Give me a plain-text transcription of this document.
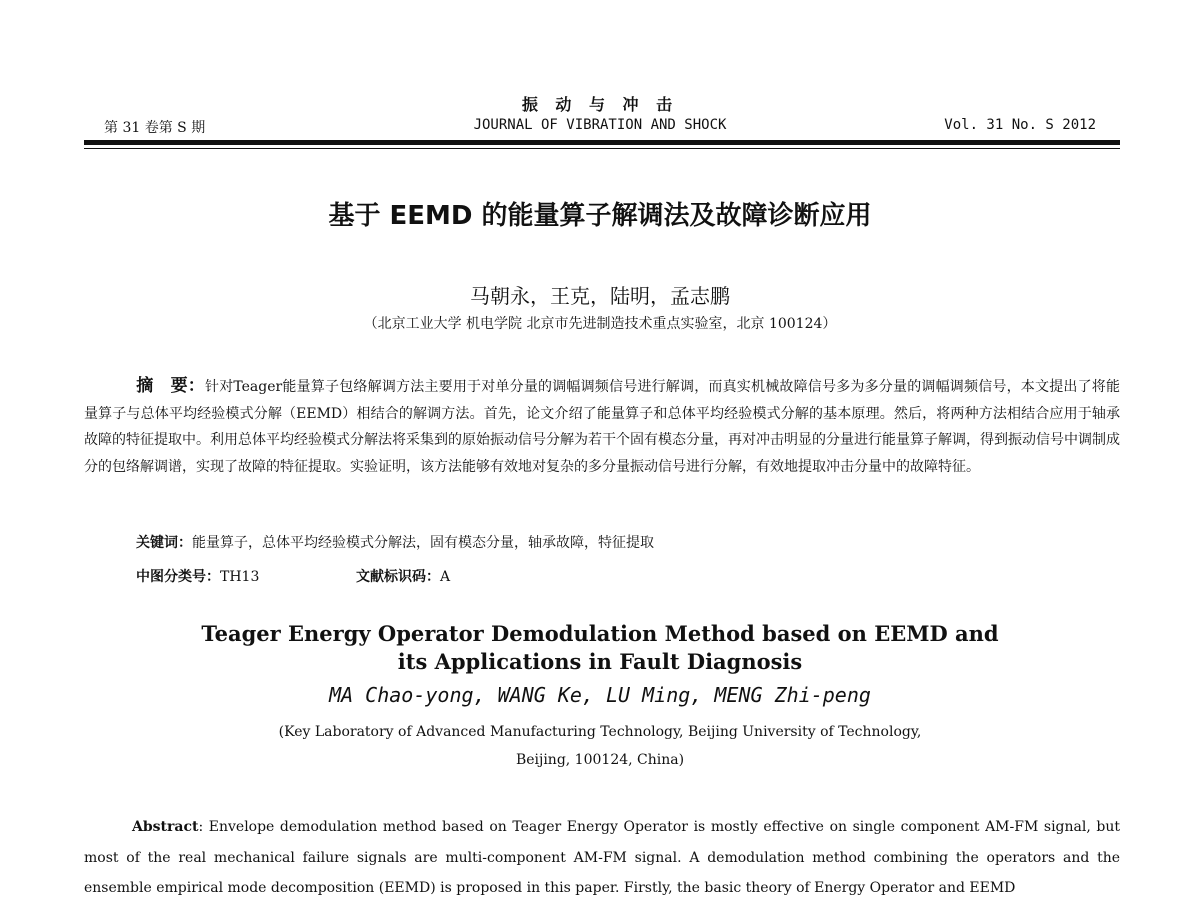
振 动 与 冲 击
第 31 卷第 S 期	JOURNAL OF VIBRATION AND SHOCK	Vol. 31 No. S 2012
基于 EEMD 的能量算子解调法及故障诊断应用
马朝永，王克，陆明，孟志鹏
（北京工业大学 机电学院 北京市先进制造技术重点实验室，北京 100124）
摘　要：针对Teager能量算子包络解调方法主要用于对单分量的调幅调频信号进行解调，而真实机械故障信号多为多分量的调幅调频信号，本文提出了将能量算子与总体平均经验模式分解（EEMD）相结合的解调方法。首先，论文介绍了能量算子和总体平均经验模式分解的基本原理。然后，将两种方法相结合应用于轴承故障的特征提取中。利用总体平均经验模式分解法将采集到的原始振动信号分解为若干个固有模态分量，再对冲击明显的分量进行能量算子解调，得到振动信号中调制成分的包络解调谱，实现了故障的特征提取。实验证明，该方法能够有效地对复杂的多分量振动信号进行分解，有效地提取冲击分量中的故障特征。
关键词：能量算子，总体平均经验模式分解法，固有模态分量，轴承故障，特征提取
中图分类号：TH13	文献标识码：A
Teager Energy Operator Demodulation Method based on EEMD and
its Applications in Fault Diagnosis
MA Chao-yong, WANG Ke, LU Ming, MENG Zhi-peng
(Key Laboratory of Advanced Manufacturing Technology, Beijing University of Technology,
Beijing, 100124, China)
Abstract: Envelope demodulation method based on Teager Energy Operator is mostly effective on single component AM-FM signal, but most of the real mechanical failure signals are multi-component AM-FM signal. A demodulation method combining the operators and the ensemble empirical mode decomposition (EEMD) is proposed in this paper. Firstly, the basic theory of Energy Operator and EEMD
